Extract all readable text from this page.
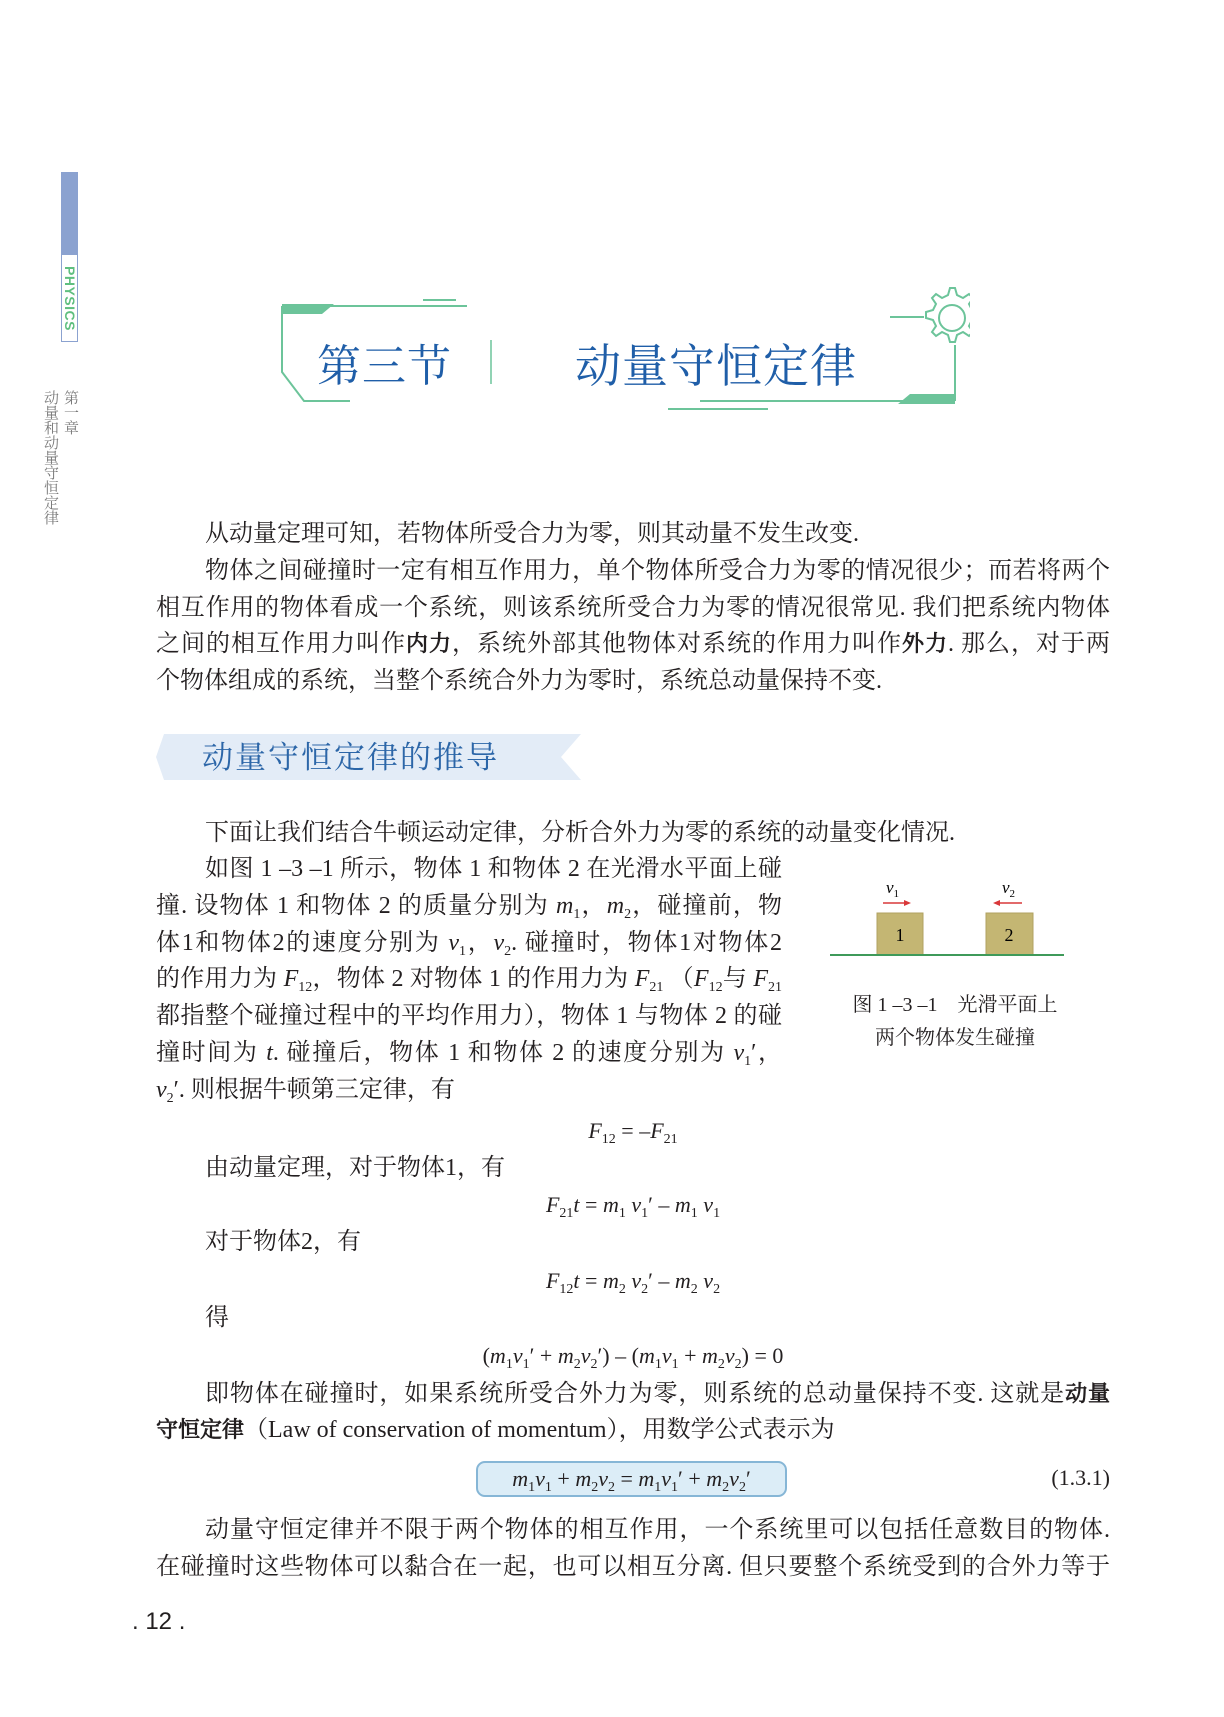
PHYSICS
第一章
动量和动量守恒定律
第三节	动量守恒定律
动量守恒定律的推导
从动量定理可知，若物体所受合力为零，则其动量不发生改变.
物体之间碰撞时一定有相互作用力，单个物体所受合力为零的情况很少；而若将两个
相互作用的物体看成一个系统，则该系统所受合力为零的情况很常见. 我们把系统内物体
之间的相互作用力叫作内力，系统外部其他物体对系统的作用力叫作外力. 那么，对于两
个物体组成的系统，当整个系统合外力为零时，系统总动量保持不变.
下面让我们结合牛顿运动定律，分析合外力为零的系统的动量变化情况.
如图 1 –3 –1 所示，物体 1 和物体 2 在光滑水平面上碰
撞. 设物体 1 和物体 2 的质量分别为 $m_1$，$m_2$，碰撞前，物
体1和物体2的速度分别为 $v_1$，$v_2$. 碰撞时，物体1对物体2
的作用力为 $F_{12}$，物体 2 对物体 1 的作用力为 $F_{21}$ （$F_{12}$与 $F_{21}$
都指整个碰撞过程中的平均作用力），物体 1 与物体 2 的碰
撞时间为 t. 碰撞后，物体 1 和物体 2 的速度分别为 $v_1'$，
$v_2'$. 则根据牛顿第三定律，有
$F_{12} = -F_{21}$
由动量定理，对于物体1，有
$F_{21}t = m_1$ $v_1' - m_1$ $v_1$
对于物体2，有
$F_{12}t = m_2$ $v_2' - m_2$ $v_2$
得
$(m_1v_1' + m_2v_2') - (m_1v_1 + m_2v_2) = 0$
即物体在碰撞时，如果系统所受合外力为零，则系统的总动量保持不变. 这就是动量
守恒定律（Law of conservation of momentum），用数学公式表示为
动量守恒定律并不限于两个物体的相互作用，一个系统里可以包括任意数目的物体.
在碰撞时这些物体可以黏合在一起，也可以相互分离. 但只要整个系统受到的合外力等于
$m_1v_1 + m_2v_2 = m_1v_1' + m_2v_2'$	(1.3.1)
$v_1$	$v_2$
1	2
图 1 –3 –1　光滑平面上
两个物体发生碰撞
. 12 .
